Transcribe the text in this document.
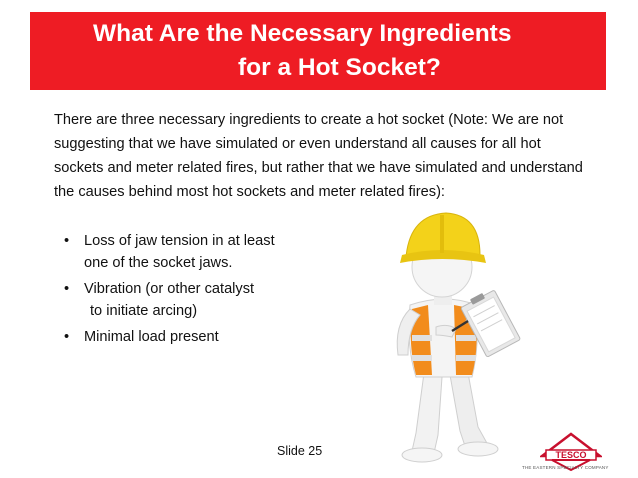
What Are the Necessary Ingredients
for a Hot Socket?

There are three necessary ingredients to create a hot socket (Note: We are not suggesting that we have simulated or even understand all causes for all hot sockets and meter related fires, but rather that we have simulated and understand the causes behind most hot sockets and meter related fires):

• Loss of jaw tension in at least
one of the socket jaws.
• Vibration (or other catalyst
to initiate arcing)
• Minimal load present
Slide 25	TESCO
THE EASTERN SPECIALTY COMPANY
